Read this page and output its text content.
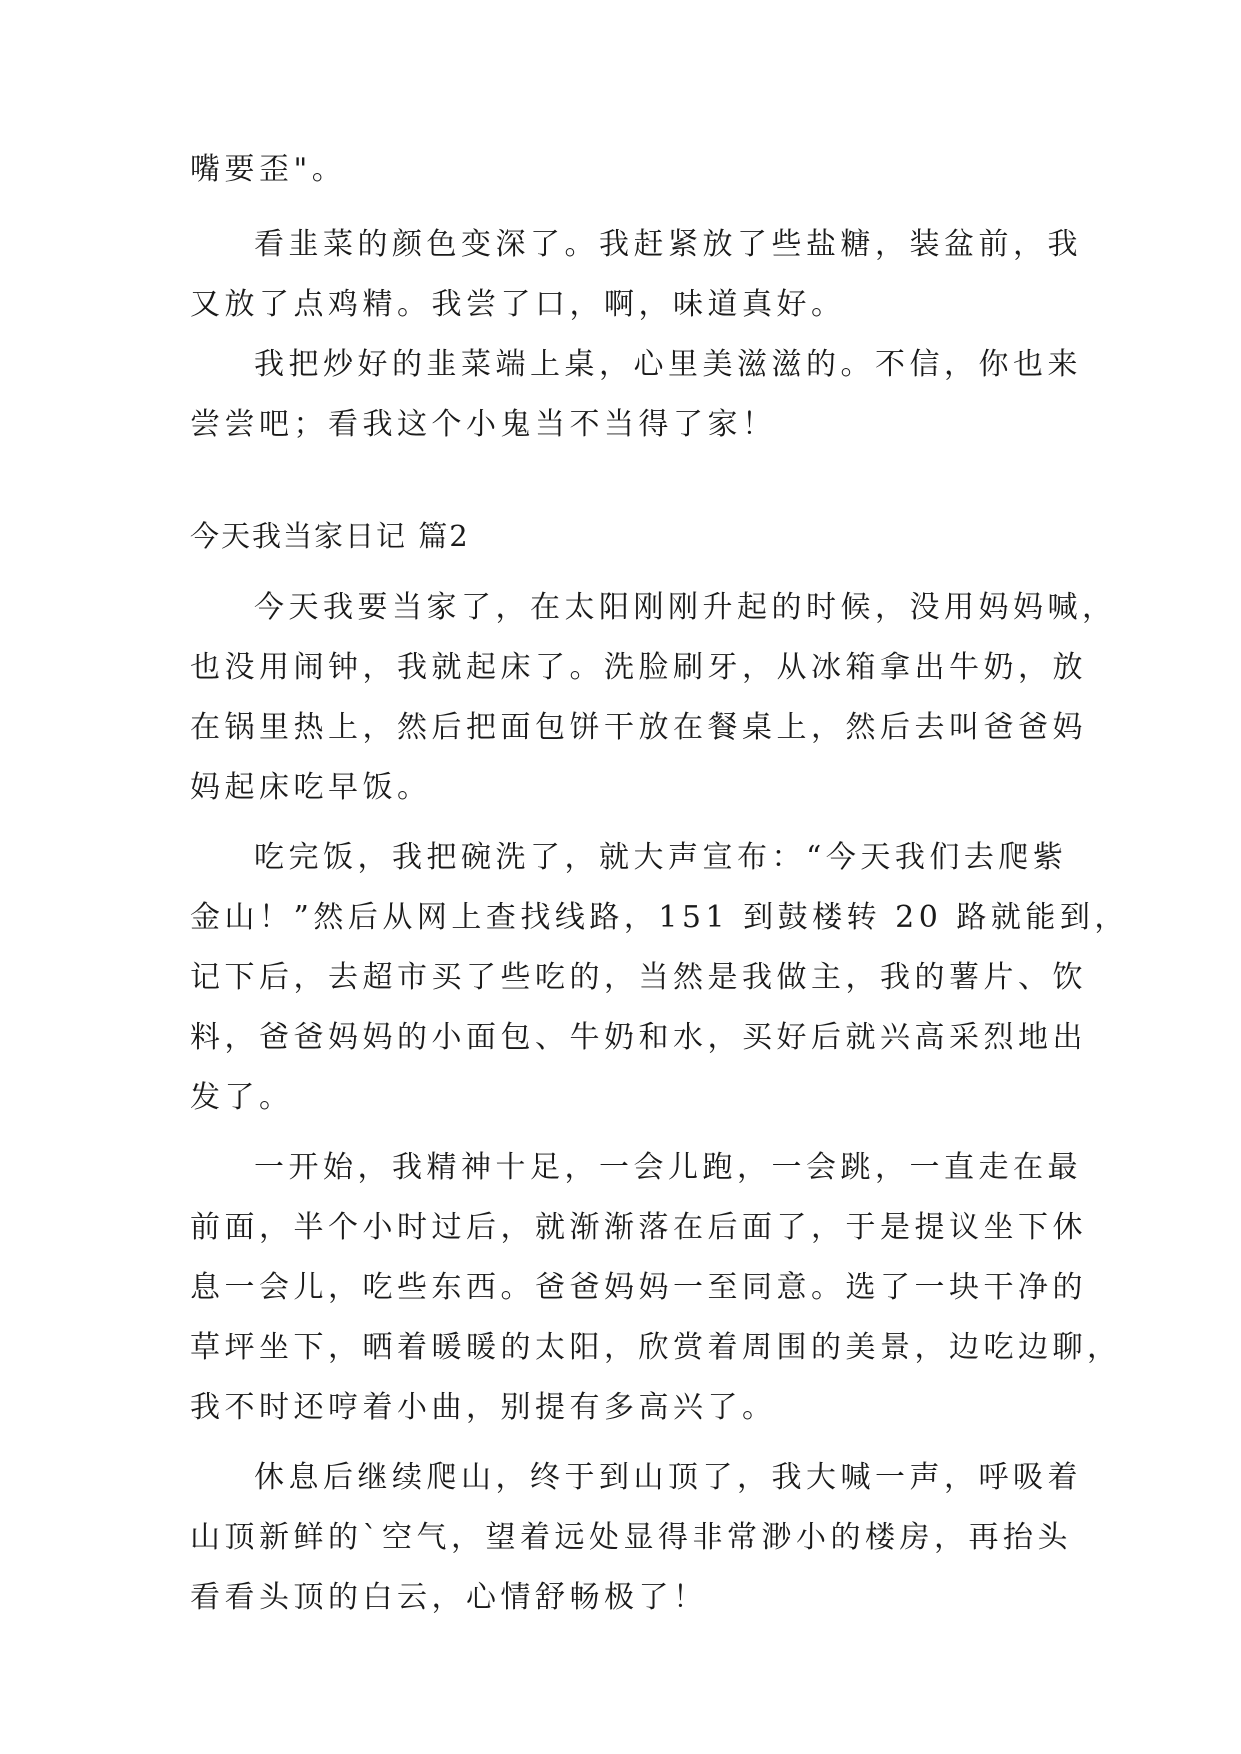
嘴要歪"。
看韭菜的颜色变深了。我赶紧放了些盐糖，装盆前，我
又放了点鸡精。我尝了口，啊，味道真好。
我把炒好的韭菜端上桌，心里美滋滋的。不信，你也来
尝尝吧；看我这个小鬼当不当得了家！
今天我当家日记 篇2
今天我要当家了，在太阳刚刚升起的时候，没用妈妈喊，
也没用闹钟，我就起床了。洗脸刷牙，从冰箱拿出牛奶，放
在锅里热上，然后把面包饼干放在餐桌上，然后去叫爸爸妈
妈起床吃早饭。
吃完饭，我把碗洗了，就大声宣布：“今天我们去爬紫
金山！”然后从网上查找线路，151 到鼓楼转 20 路就能到，
记下后，去超市买了些吃的，当然是我做主，我的薯片、饮
料，爸爸妈妈的小面包、牛奶和水，买好后就兴高采烈地出
发了。
一开始，我精神十足，一会儿跑，一会跳，一直走在最
前面，半个小时过后，就渐渐落在后面了，于是提议坐下休
息一会儿，吃些东西。爸爸妈妈一至同意。选了一块干净的
草坪坐下，晒着暖暖的太阳，欣赏着周围的美景，边吃边聊，
我不时还哼着小曲，别提有多高兴了。
休息后继续爬山，终于到山顶了，我大喊一声，呼吸着
山顶新鲜的`空气，望着远处显得非常渺小的楼房，再抬头
看看头顶的白云，心情舒畅极了！
